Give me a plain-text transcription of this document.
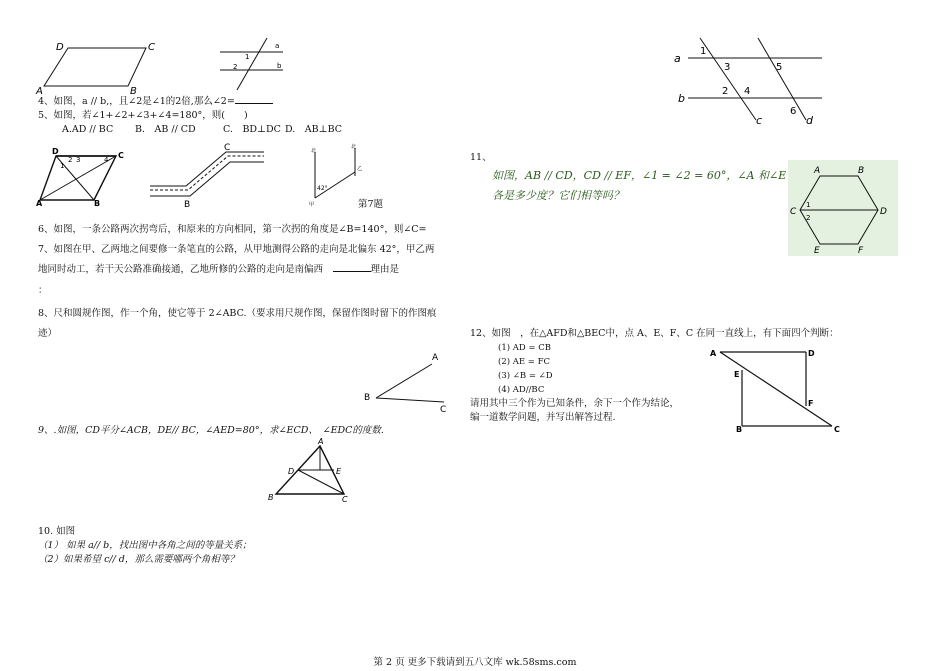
D	C
A	B
a
b
1
2
4、如图，a // b,，且∠2是∠1的2倍,那么∠2=
5、如图，若∠1+∠2+∠3+∠4=180°，则(　　)
A.AD // BC B.　AB // CD	C.　BD⊥DC D.　AB⊥BC
D	C
A	B
1
2 3	4
C
B
北
北
42°
甲
乙
第7题
6、如图，一条公路两次拐弯后，和原来的方向相同，第一次拐的角度是∠B=140°，则∠C=
7、如图在甲、乙两地之间要修一条笔直的公路，从甲地测得公路的走向是北偏东 42°，甲乙两
地同时动工，若干天公路准确接通，乙地所修的公路的走向是南偏西　	理由是
：
8、尺和圆规作图，作一个角，使它等于 2∠ABC.（要求用尺规作图，保留作图时留下的作图痕
迹）
A
B
C
9、.如图，CD平分∠ACB，DE// BC，∠AED=80°，求∠ECD、　∠EDC的度数.
A
D	E
B	C
10. 如图
（1） 如果 a// b，找出图中各角之间的等量关系；
（2）如果希望 c// d，那么需要哪两个角相等？
a
b
c	d
1
3	5
2 4
6
11、
如图，AB // CD，CD // EF，∠1 = ∠2 = 60°，∠A 和∠E
各是多少度？它们相等吗？
A	B
C	D
E	F
1
2
12、如图　，在△AFD和△BEC中，点 A、E、F、C 在同一直线上，有下面四个判断：
(1) AD = CB
(2) AE = FC
(3) ∠B = ∠D
(4) AD//BC
请用其中三个作为已知条件，余下一个作为结论，
编一道数学问题，并写出解答过程.
A	D
E
F
B	C
第 2 页 更多下载请到五八文库 wk.58sms.com
